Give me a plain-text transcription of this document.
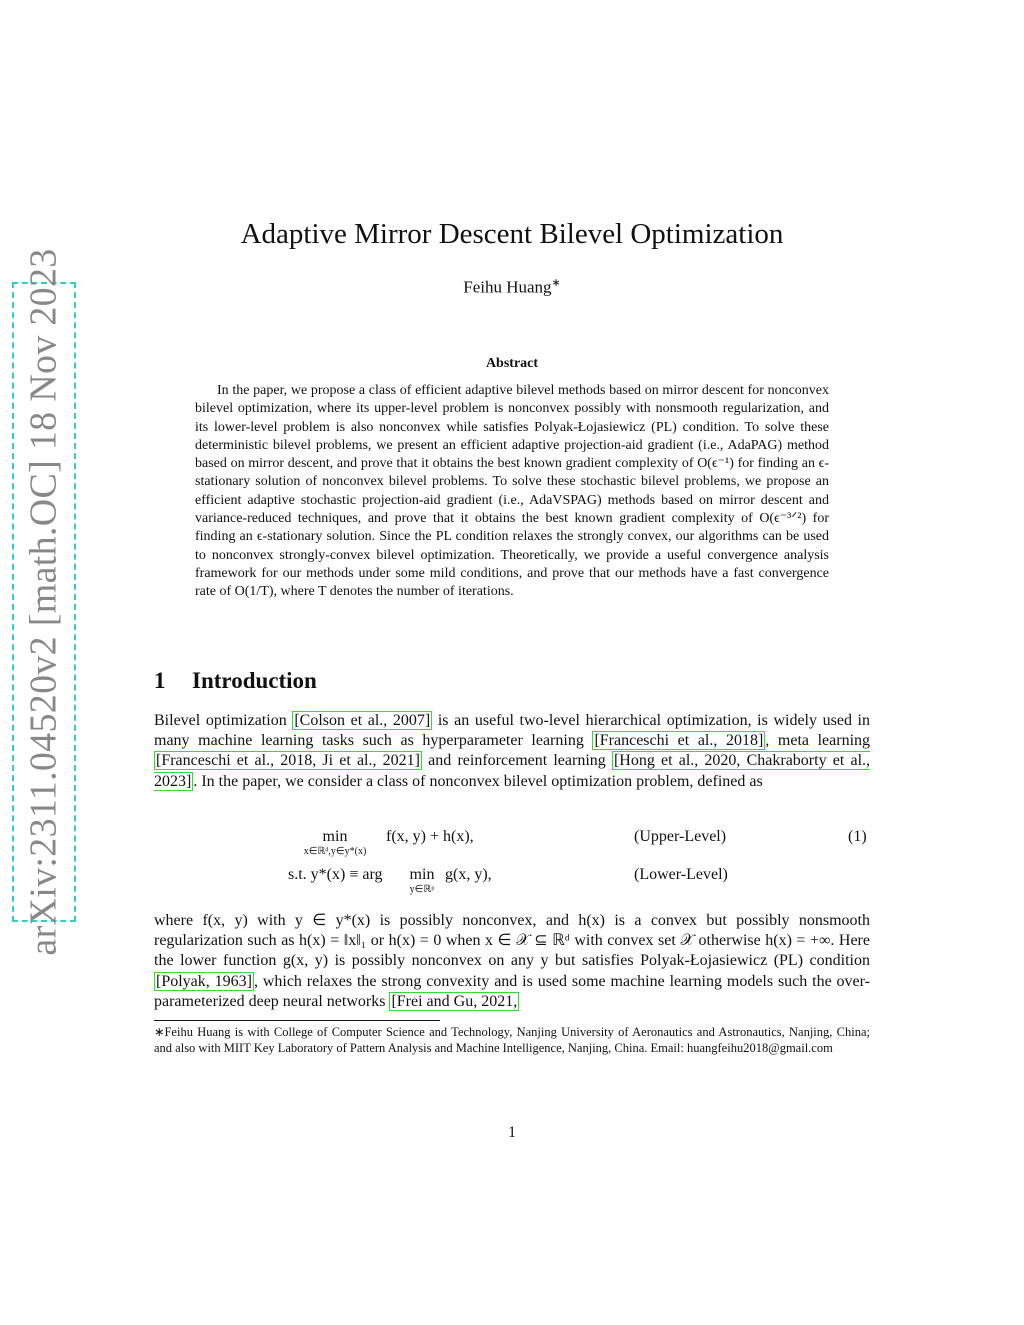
arXiv:2311.04520v2 [math.OC] 18 Nov 2023
Adaptive Mirror Descent Bilevel Optimization
Feihu Huang∗
Abstract

In the paper, we propose a class of efficient adaptive bilevel methods based on mirror descent for nonconvex bilevel optimization, where its upper-level problem is nonconvex possibly with nonsmooth regularization, and its lower-level problem is also nonconvex while satisfies Polyak-Łojasiewicz (PL) condition. To solve these deterministic bilevel problems, we present an efficient adaptive projection-aid gradient (i.e., AdaPAG) method based on mirror descent, and prove that it obtains the best known gradient complexity of O(ϵ⁻¹) for finding an ϵ-stationary solution of nonconvex bilevel problems. To solve these stochastic bilevel problems, we propose an efficient adaptive stochastic projection-aid gradient (i.e., AdaVSPAG) methods based on mirror descent and variance-reduced techniques, and prove that it obtains the best known gradient complexity of O(ϵ⁻³ᐟ²) for finding an ϵ-stationary solution. Since the PL condition relaxes the strongly convex, our algorithms can be used to nonconvex strongly-convex bilevel optimization. Theoretically, we provide a useful convergence analysis framework for our methods under some mild conditions, and prove that our methods have a fast convergence rate of O(1/T), where T denotes the number of iterations.

1 Introduction

Bilevel optimization [Colson et al., 2007] is an useful two-level hierarchical optimization, is widely used in many machine learning tasks such as hyperparameter learning [Franceschi et al., 2018] , meta learning [Franceschi et al., 2018, Ji et al., 2021] and reinforcement learning [Hong et al., 2020, Chakraborty et al., 2023] . In the paper, we consider a class of nonconvex bilevel optimization problem, defined as

min
x∈ℝᵈ,y∈y*(x)
f(x, y) + h(x),	(Upper-Level)	(1)
s.t. y*(x) ≡ arg	min
y∈ℝᵖ
g(x, y),	(Lower-Level)

where f(x, y) with y ∈ y*(x) is possibly nonconvex, and h(x) is a convex but possibly nonsmooth regularization such as h(x) = ‖x‖₁ or h(x) = 0 when x ∈ 𝒳 ⊆ ℝᵈ with convex set 𝒳 otherwise h(x) = +∞. Here the lower function g(x, y) is possibly nonconvex on any y but satisfies Polyak-Łojasiewicz (PL) condition [Polyak, 1963] , which relaxes the strong convexity and is used some machine learning models such the over-parameterized deep neural networks [Frei and Gu, 2021,

∗Feihu Huang is with College of Computer Science and Technology, Nanjing University of Aeronautics and Astronautics, Nanjing, China; and also with MIIT Key Laboratory of Pattern Analysis and Machine Intelligence, Nanjing, China. Email: huangfeihu2018@gmail.com

1
